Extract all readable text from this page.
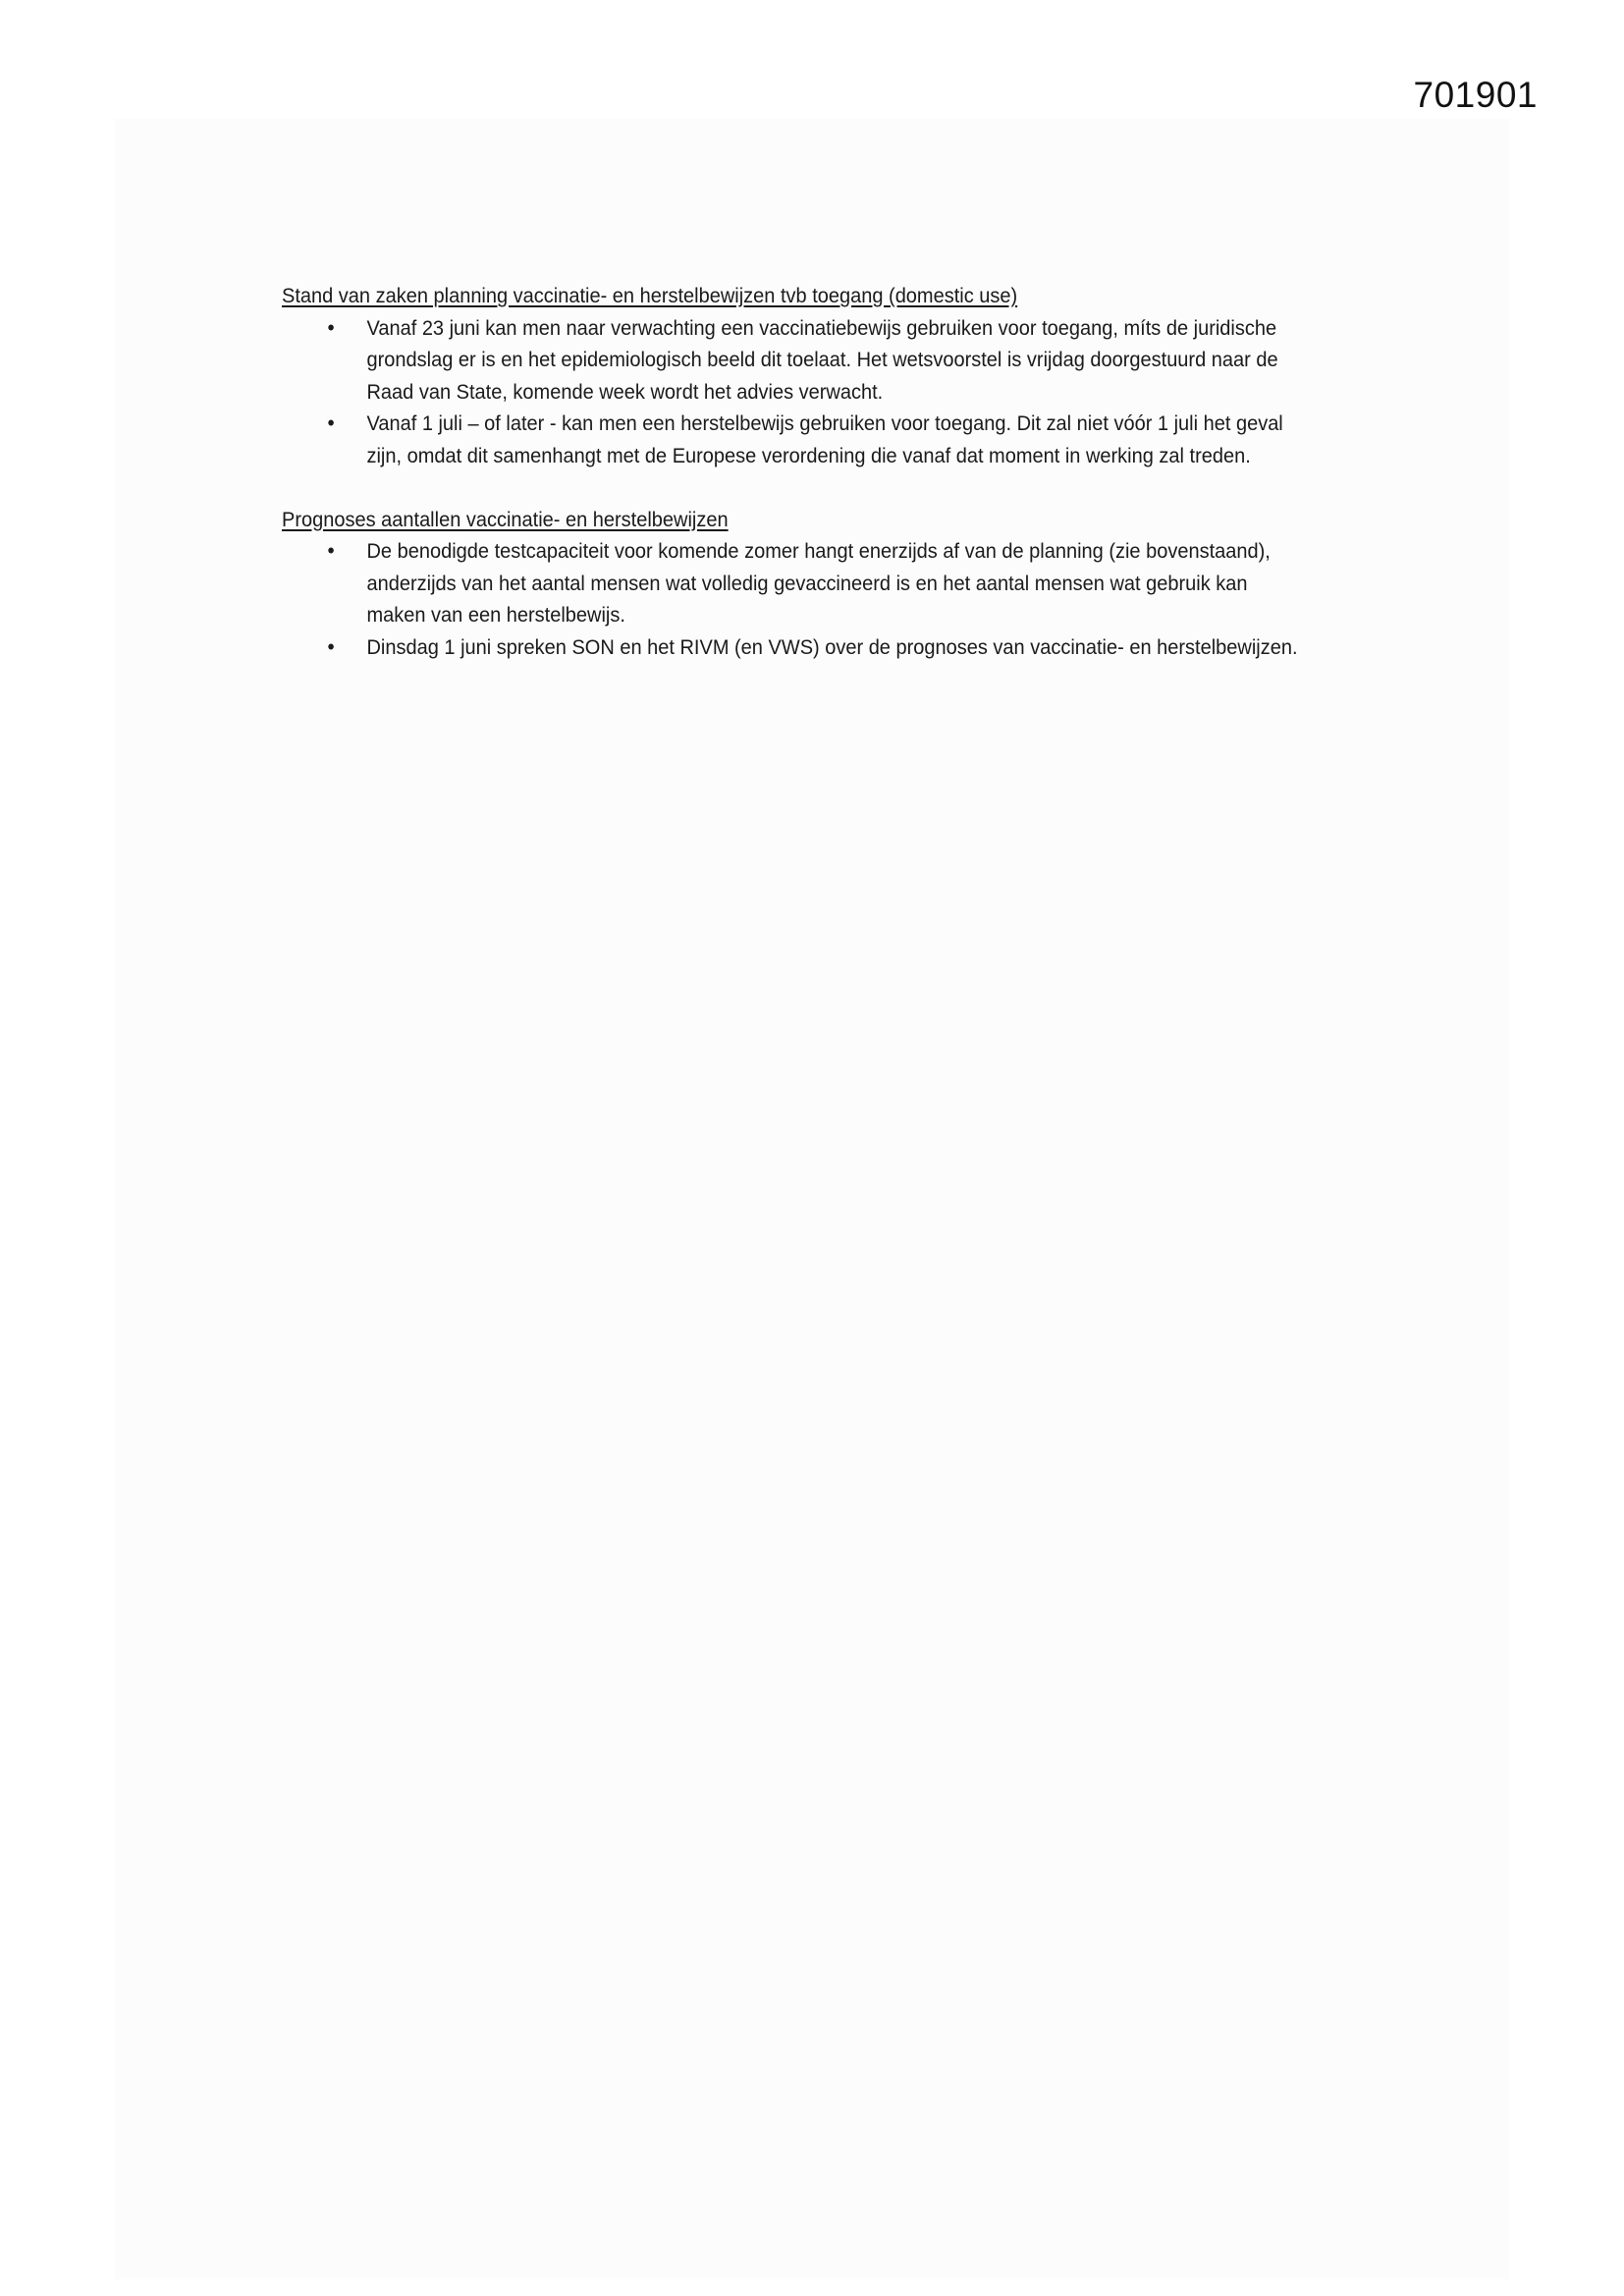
701901
Stand van zaken planning vaccinatie- en herstelbewijzen tvb toegang (domestic use)
• Vanaf 23 juni kan men naar verwachting een vaccinatiebewijs gebruiken voor toegang, míts de juridische grondslag er is en het epidemiologisch beeld dit toelaat. Het wetsvoorstel is vrijdag doorgestuurd naar de Raad van State, komende week wordt het advies verwacht.
• Vanaf 1 juli – of later - kan men een herstelbewijs gebruiken voor toegang. Dit zal niet vóór 1 juli het geval zijn, omdat dit samenhangt met de Europese verordening die vanaf dat moment in werking zal treden.
Prognoses aantallen vaccinatie- en herstelbewijzen
• De benodigde testcapaciteit voor komende zomer hangt enerzijds af van de planning (zie bovenstaand), anderzijds van het aantal mensen wat volledig gevaccineerd is en het aantal mensen wat gebruik kan maken van een herstelbewijs.
• Dinsdag 1 juni spreken SON en het RIVM (en VWS) over de prognoses van vaccinatie- en herstelbewijzen.
